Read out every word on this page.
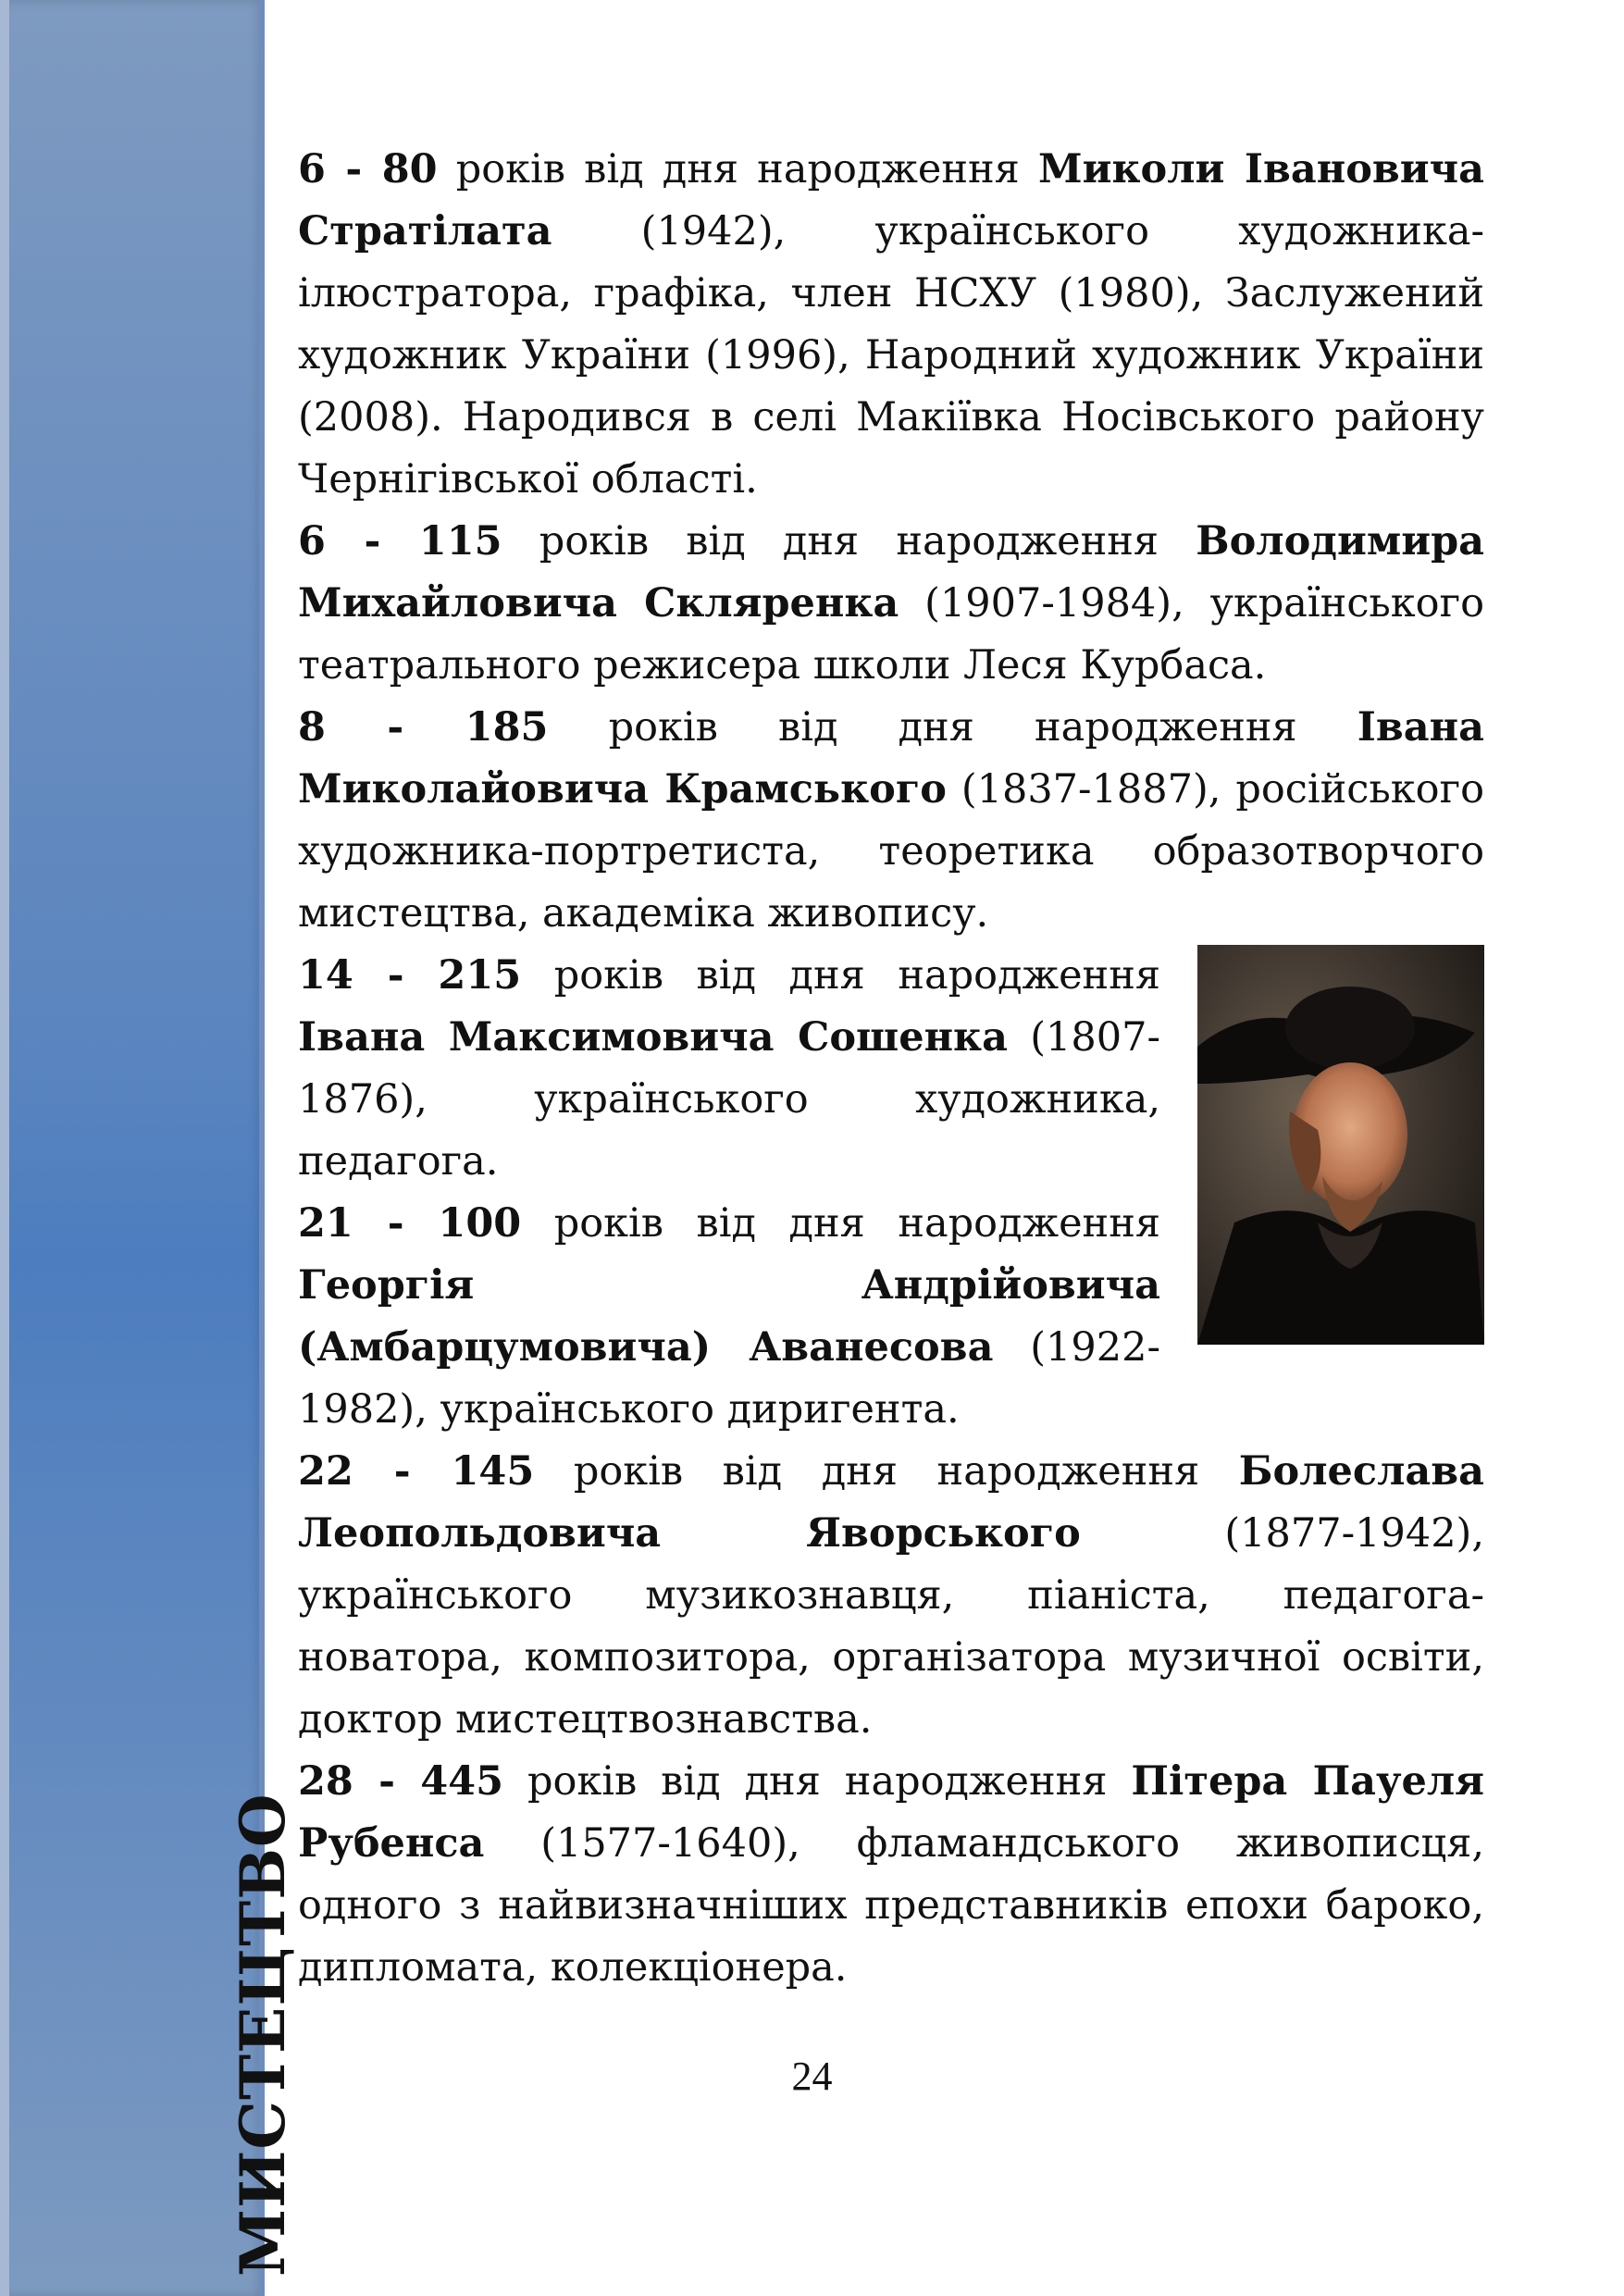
МИСТЕЦТВО

6 - 80 років від дня народження Миколи Івановича Стратілата (1942), українського художника-ілюстратора, графіка, член НСХУ (1980), Заслужений художник України (1996), Народний художник України (2008). Народився в селі Макіївка Носівського району Чернігівської області.

6 - 115 років від дня народження Володимира Михайловича Скляренка (1907-1984), українського театрального режисера школи Леся Курбаса.

8 - 185 років від дня народження Івана Миколайовича Крамського (1837-1887), російського художника-портретиста, теоретика образотворчого мистецтва, академіка живопису.

14 - 215 років від дня народження Івана Максимовича Сошенка (1807-1876), українського художника, педагога.

21 - 100 років від дня народження Георгія Андрійовича (Амбарцумовича) Аванесова (1922-1982), українського диригента.

22 - 145 років від дня народження Болеслава Леопольдовича Яворського (1877-1942), українського музикознавця, піаніста, педагога-новатора, композитора, організатора музичної освіти, доктор мистецтвознавства.

28 - 445 років від дня народження Пітера Пауеля Рубенса (1577-1640), фламандського живописця, одного з найвизначніших представників епохи бароко, дипломата, колекціонера.

24
